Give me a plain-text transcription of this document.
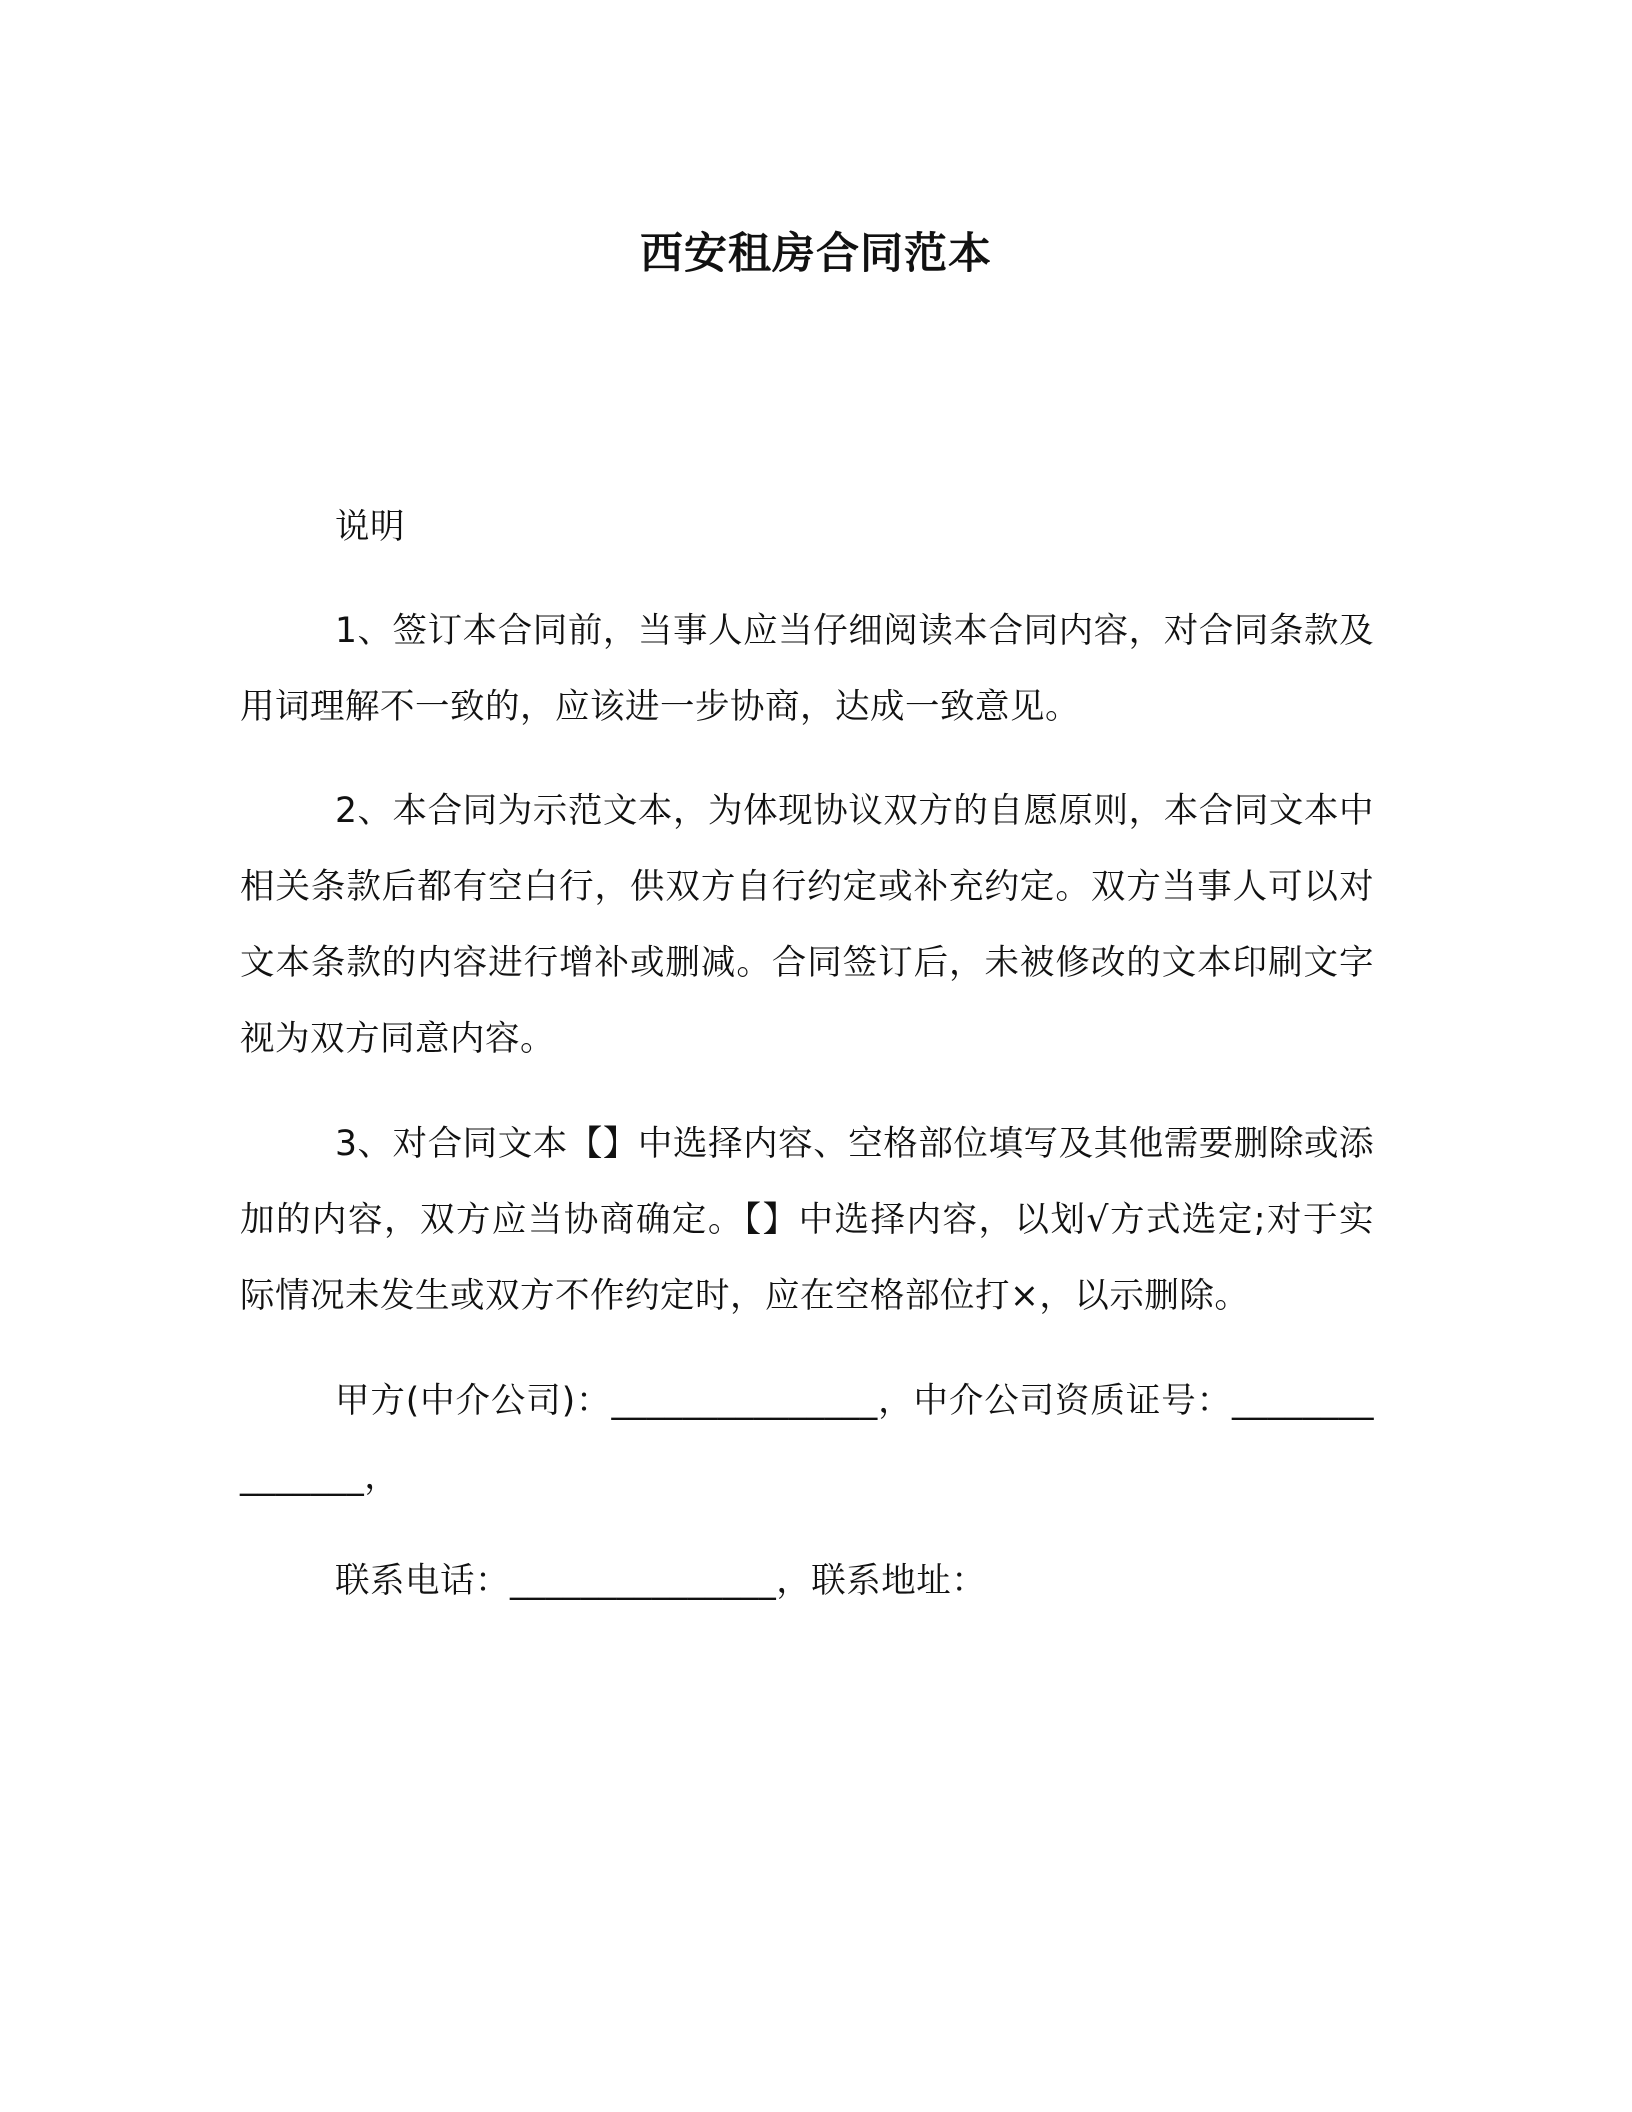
西安租房合同范本

说明

1、签订本合同前，当事人应当仔细阅读本合同内容，对合同条款及用词理解不一致的，应该进一步协商，达成一致意见。

2、本合同为示范文本，为体现协议双方的自愿原则，本合同文本中相关条款后都有空白行，供双方自行约定或补充约定。双方当事人可以对文本条款的内容进行增补或删减。合同签订后，未被修改的文本印刷文字视为双方同意内容。

3、对合同文本【】中选择内容、空格部位填写及其他需要删除或添加的内容，双方应当协商确定。【】中选择内容，以划√方式选定;对于实际情况未发生或双方不作约定时，应在空格部位打×，以示删除。

甲方(中介公司)：_______________，中介公司资质证号：_______________，

联系电话：_______________，联系地址：
